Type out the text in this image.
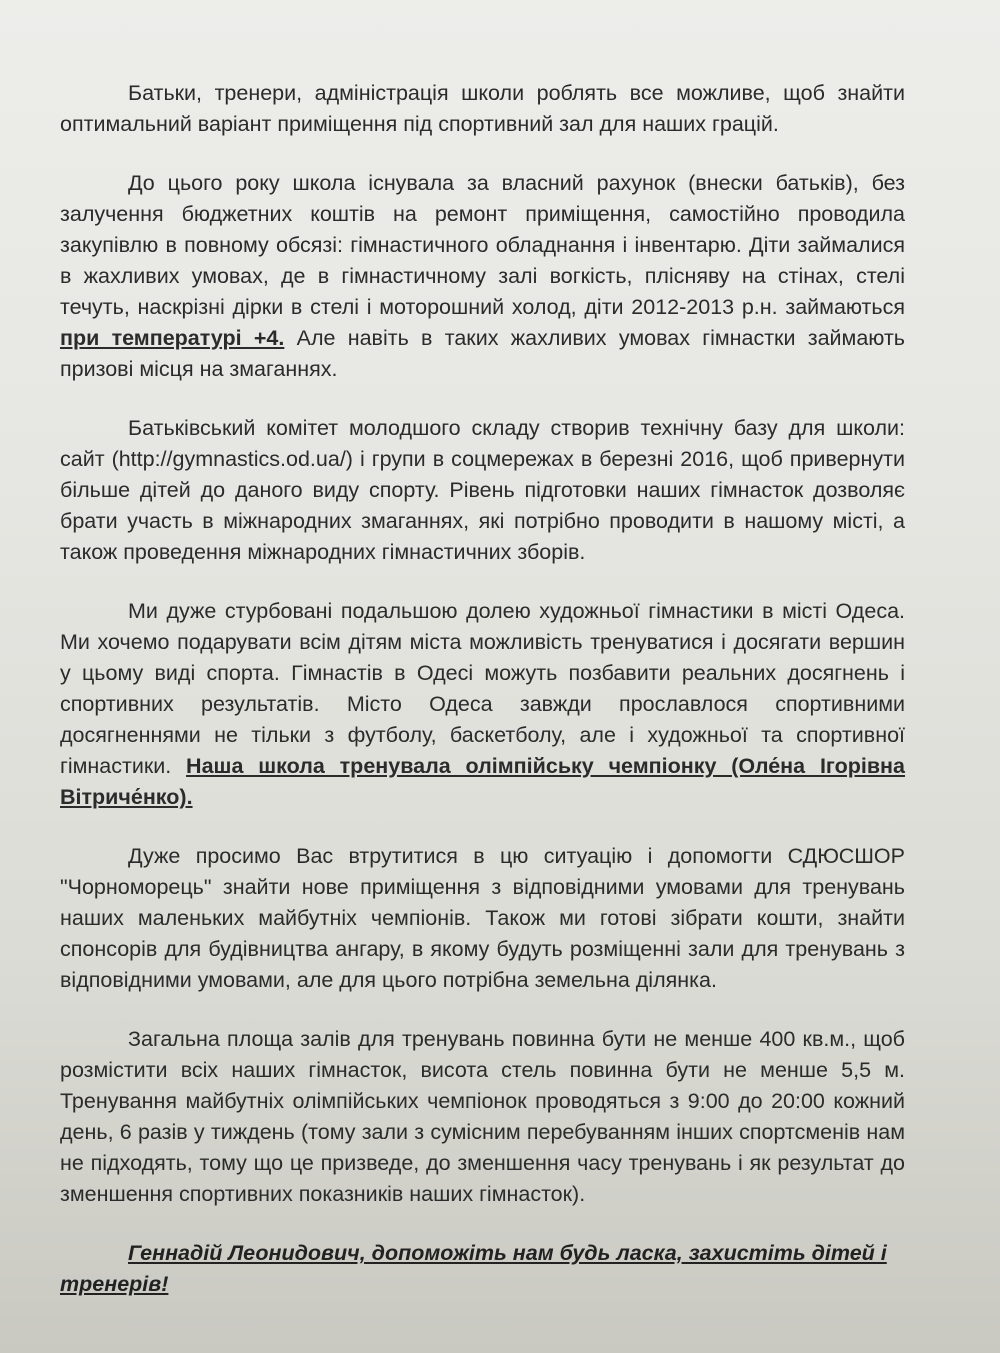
Батьки, тренери, адміністрація школи роблять все можливе, щоб знайти оптимальний варіант приміщення під спортивний зал для наших грацій.

До цього року школа існувала за власний рахунок (внески батьків), без залучення бюджетних коштів на ремонт приміщення, самостійно проводила закупівлю в повному обсязі: гімнастичного обладнання і інвентарю. Діти займалися в жахливих умовах, де в гімнастичному залі вогкість, плісняву на стінах, стелі течуть, наскрізні дірки в стелі і моторошний холод, діти 2012-2013 р.н. займаються при температурі +4. Але навіть в таких жахливих умовах гімнастки займають призові місця на змаганнях.

Батьківський комітет молодшого складу створив технічну базу для школи: сайт (http://gymnastics.od.ua/) і групи в соцмережах в березні 2016, щоб привернути більше дітей до даного виду спорту. Рівень підготовки наших гімнасток дозволяє брати участь в міжнародних змаганнях, які потрібно проводити в нашому місті, а також проведення міжнародних гімнастичних зборів.

Ми дуже стурбовані подальшою долею художньої гімнастики в місті Одеса. Ми хочемо подарувати всім дітям міста можливість тренуватися і досягати вершин у цьому виді спорта. Гімнастів в Одесі можуть позбавити реальних досягнень і спортивних результатів. Місто Одеса завжди прославлося спортивними досягненнями не тільки з футболу, баскетболу, але і художньої та спортивної гімнастики. Наша школа тренувала олімпійську чемпіонку (Оле́на Ігорівна Вітриче́нко).

Дуже просимо Вас втрутитися в цю ситуацію і допомогти СДЮСШОР "Чорноморець" знайти нове приміщення з відповідними умовами для тренувань наших маленьких майбутніх чемпіонів. Також ми готові зібрати кошти, знайти спонсорів для будівництва ангару, в якому будуть розміщенні зали для тренувань з відповідними умовами, але для цього потрібна земельна ділянка.

Загальна площа залів для тренувань повинна бути не менше 400 кв.м., щоб розмістити всіх наших гімнасток, висота стель повинна бути не менше 5,5 м. Тренування майбутніх олімпійських чемпіонок проводяться з 9:00 до 20:00 кожний день, 6 разів у тиждень (тому зали з сумісним перебуванням інших спортсменів нам не підходять, тому що це призведе, до зменшення часу тренувань і як результат до зменшення спортивних показників наших гімнасток).

Геннадій Леонидович, допоможіть нам будь ласка, захистіть дітей і тренерів!
